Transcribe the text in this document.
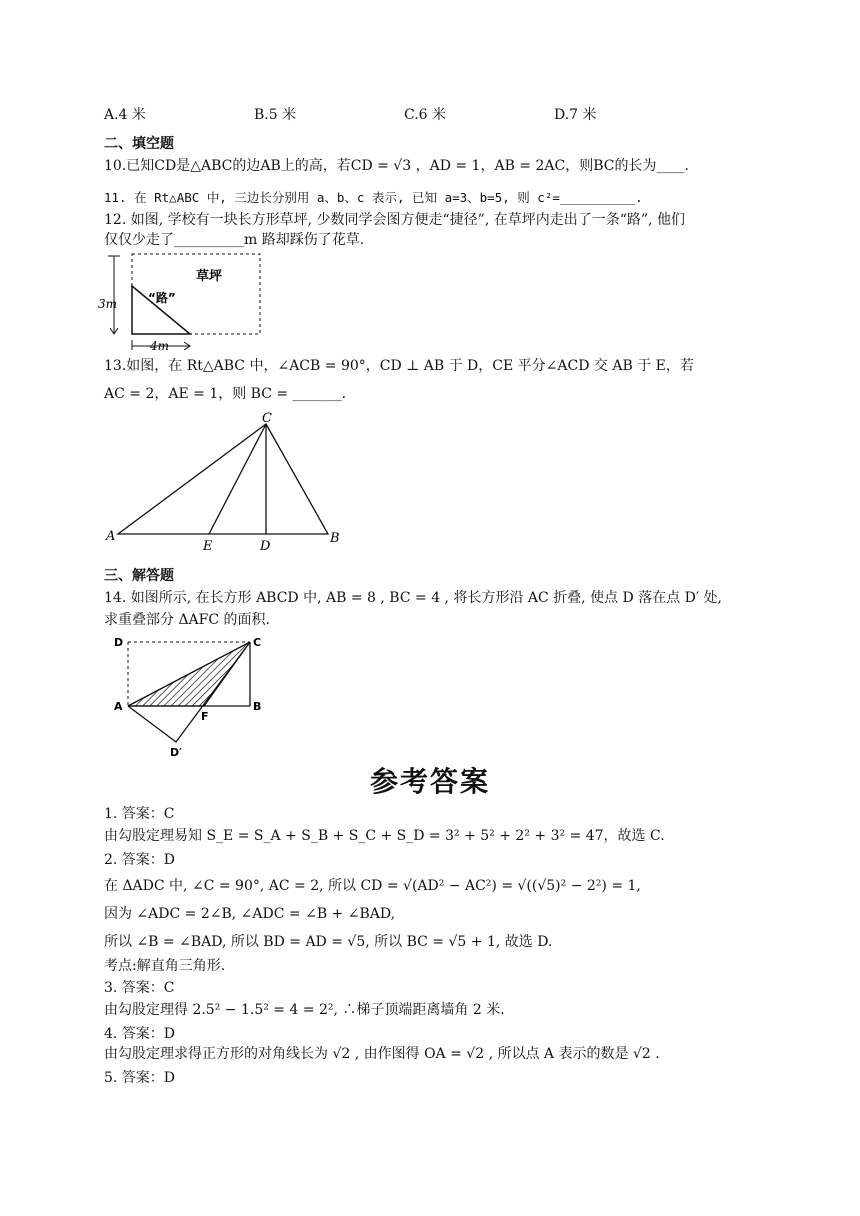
A.4 米	B.5 米	C.6 米	D.7 米
二、填空题
10.已知CD是△ABC的边AB上的高，若CD = √3 ，AD = 1，AB = 2AC，则BC的长为____.
11. 在 Rt△ABC 中, 三边长分别用 a、b、c 表示, 已知 a=3、b=5, 则 c²=__________.
12. 如图, 学校有一块长方形草坪, 少数同学会图方便走“捷径”, 在草坪内走出了一条“路”, 他们
仅仅少走了__________m 路却踩伤了花草.
草坪
“路”
3m
4m
13.如图，在 Rt△ABC 中，∠ACB = 90°，CD ⊥ AB 于 D，CE 平分∠ACD 交 AB 于 E，若
AC = 2，AE = 1，则 BC = _______.
C
A
E	D
B
三、解答题
14. 如图所示, 在长方形 ABCD 中, AB = 8 , BC = 4 , 将长方形沿 AC 折叠, 使点 D 落在点 D′ 处,
求重叠部分 ΔAFC 的面积.
D	C
A
F
B
D′
参考答案
1. 答案：C
由勾股定理易知 S_E = S_A + S_B + S_C + S_D = 3² + 5² + 2² + 3² = 47，故选 C.
2. 答案：D
在 ΔADC 中, ∠C = 90°, AC = 2, 所以 CD = √(AD² − AC²) = √((√5)² − 2²) = 1,
因为 ∠ADC = 2∠B, ∠ADC = ∠B + ∠BAD,
所以 ∠B = ∠BAD, 所以 BD = AD = √5, 所以 BC = √5 + 1, 故选 D.
考点:解直角三角形.
3. 答案：C
由勾股定理得 2.5² − 1.5² = 4 = 2², ∴梯子顶端距离墙角 2 米.
4. 答案：D
由勾股定理求得正方形的对角线长为 √2 , 由作图得 OA = √2 , 所以点 A 表示的数是 √2 .
5. 答案：D
